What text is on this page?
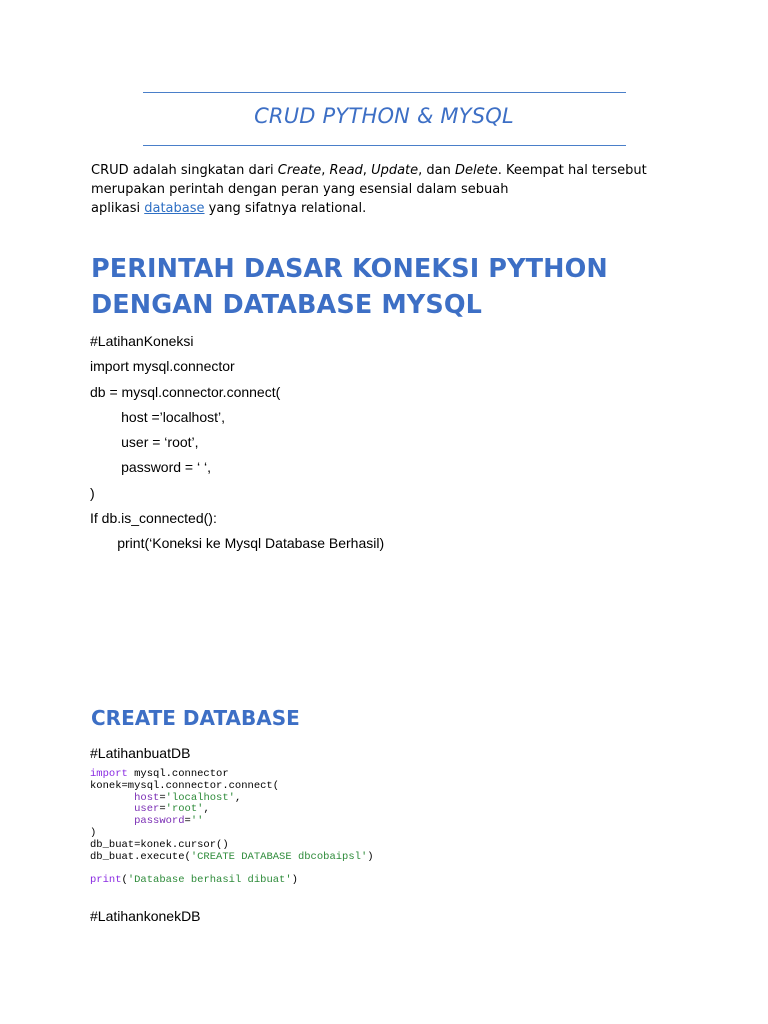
CRUD PYTHON & MYSQL

CRUD adalah singkatan dari Create, Read, Update, dan Delete. Keempat hal tersebut

merupakan perintah dengan peran yang esensial dalam sebuah

aplikasi database yang sifatnya relational.

PERINTAH DASAR KONEKSI PYTHON
DENGAN DATABASE MYSQL
#LatihanKoneksi
import mysql.connector
db = mysql.connector.connect(
host =’localhost’,
user = ‘root’,
password = ‘ ‘,
)
If db.is_connected():
print(‘Koneksi ke Mysql Database Berhasil)
CREATE DATABASE
#LatihanbuatDB
import mysql.connector
konek=mysql.connector.connect(
host='localhost',
user='root',
password=''
)
db_buat=konek.cursor()
db_buat.execute('CREATE DATABASE dbcobaipsl')

print('Database berhasil dibuat')
#LatihankonekDB
